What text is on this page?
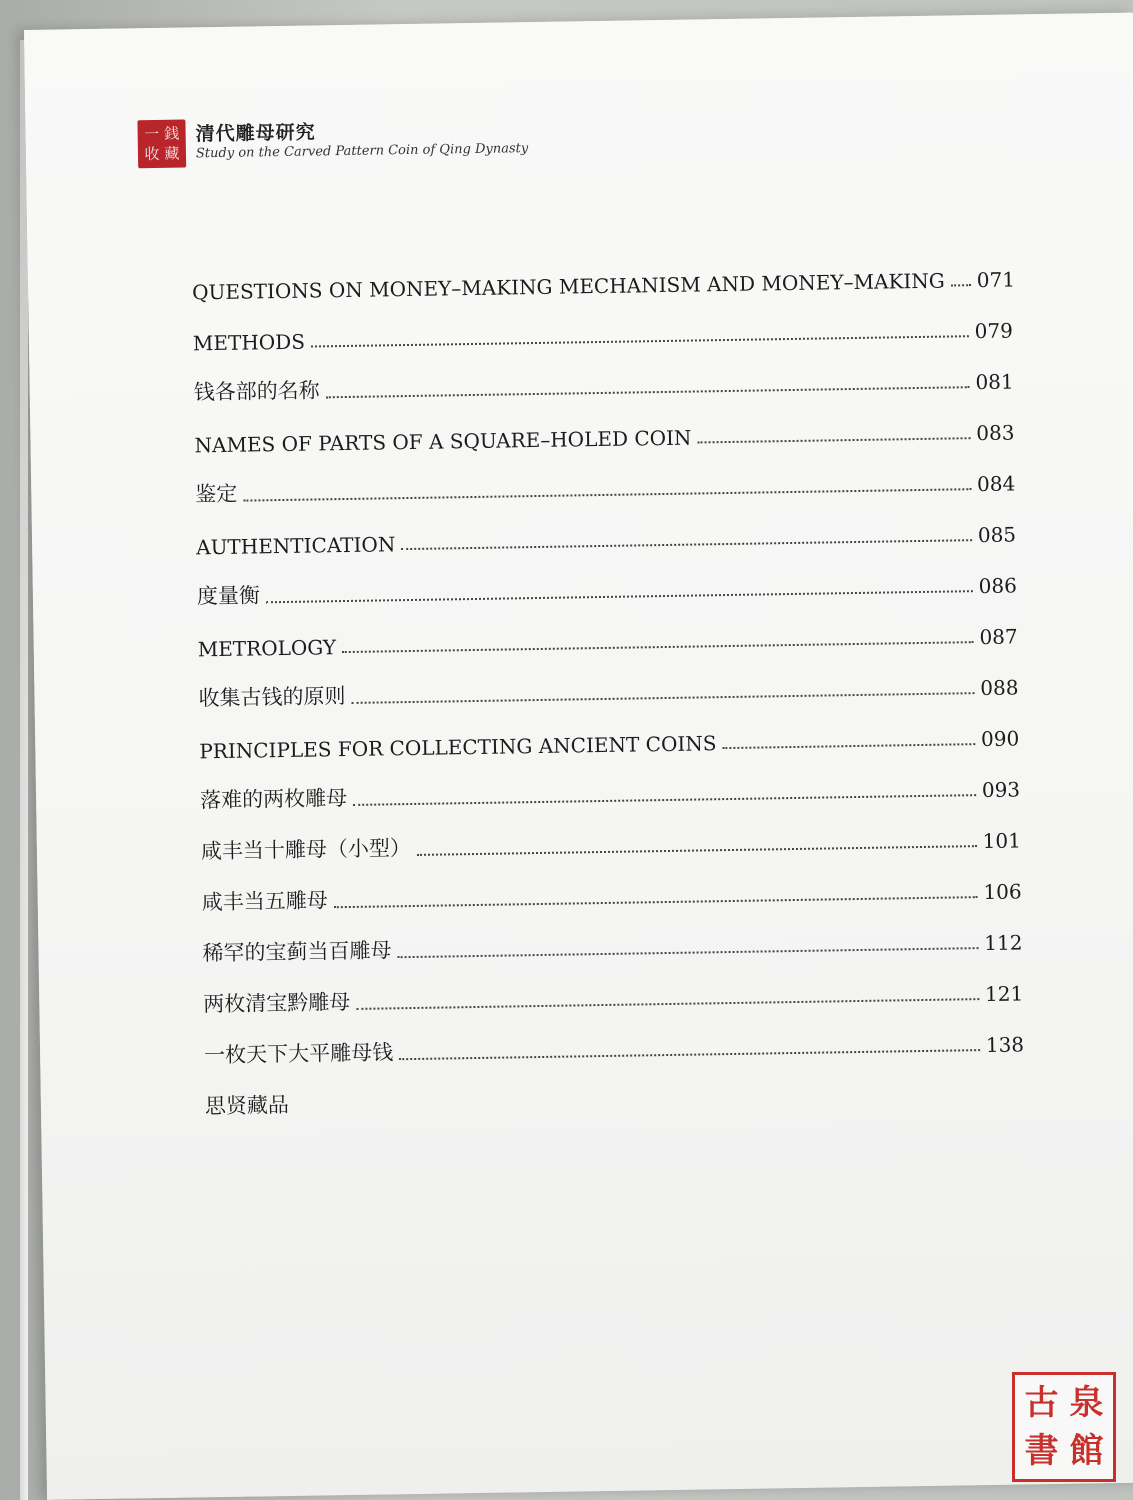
一 銭
收 藏
清代雕母研究
Study on the Carved Pattern Coin of Qing Dynasty
QUESTIONS ON MONEY–MAKING MECHANISM AND MONEY–MAKING 071
METHODS	079
钱各部的名称	081
NAMES OF PARTS OF A SQUARE–HOLED COIN	083
鉴定	084
AUTHENTICATION	085
度量衡	086
METROLOGY	087
收集古钱的原则	088
PRINCIPLES FOR COLLECTING ANCIENT COINS	090
落难的两枚雕母	093
咸丰当十雕母（小型）	101
咸丰当五雕母	106
稀罕的宝蓟当百雕母	112
两枚清宝黔雕母	121
一枚天下大平雕母钱	138
思贤藏品
古 泉
書 館
